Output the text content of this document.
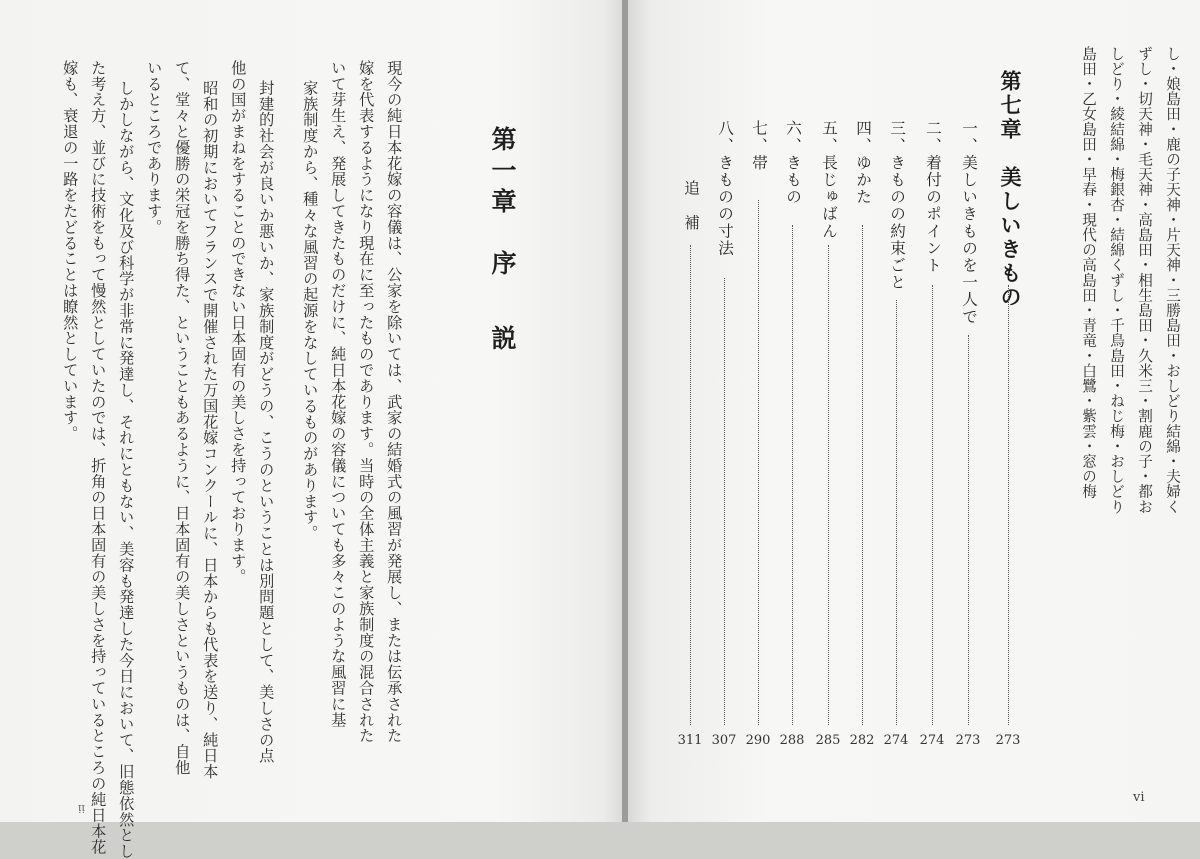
第一章　序

説
現今の純日本花嫁の容儀は、公家を除いては、武家の結婚式の風習が発展し、または伝承された
嫁を代表するようになり現在に至ったものであります。当時の全体主義と家族制度の混合された
いて芽生え、発展してきたものだけに、純日本花嫁の容儀についても多々このような風習に基
家族制度から、種々な風習の起源をなしているものがあります。
封建的社会が良いか悪いか、家族制度がどうの、こうのということは別問題として、美しさの点
他の国がまねをすることのできない日本固有の美しさを持っております。
昭和の初期においてフランスで開催された万国花嫁コンクールに、日本からも代表を送り、純日本
て、堂々と優勝の栄冠を勝ち得た、ということもあるように、日本固有の美しさというものは、自他
いるところであります。
しかしながら、文化及び科学が非常に発達し、それにともない、美容も発達した今日において、旧態依然とし
た考え方、並びに技術をもって慢然としていたのでは、折角の日本固有の美しさを持っているところの純日本花
嫁も、衰退の一路をたどることは瞭然としています。
ii
し・娘島田・鹿の子天神・片天神・三勝島田・おしどり結綿・夫婦く
ずし・切天神・毛天神・高島田・相生島田・久米三・割鹿の子・都お
しどり・綾結綿・梅銀杏・結綿くずし・千鳥島田・ねじ梅・おしどり
島田・乙女島田・早春・現代の高島田・青竜・白鷺・紫雲・窓の梅
第七章　美しいきもの
273
一、美しいきものを一人で
273
二、着付のポイント
274
三、きものの約束ごと
274
四、ゆかた
282
五、長じゅばん
285
六、きもの
288
七、帯
290
八、きものの寸法
307
追　補
311
vi
